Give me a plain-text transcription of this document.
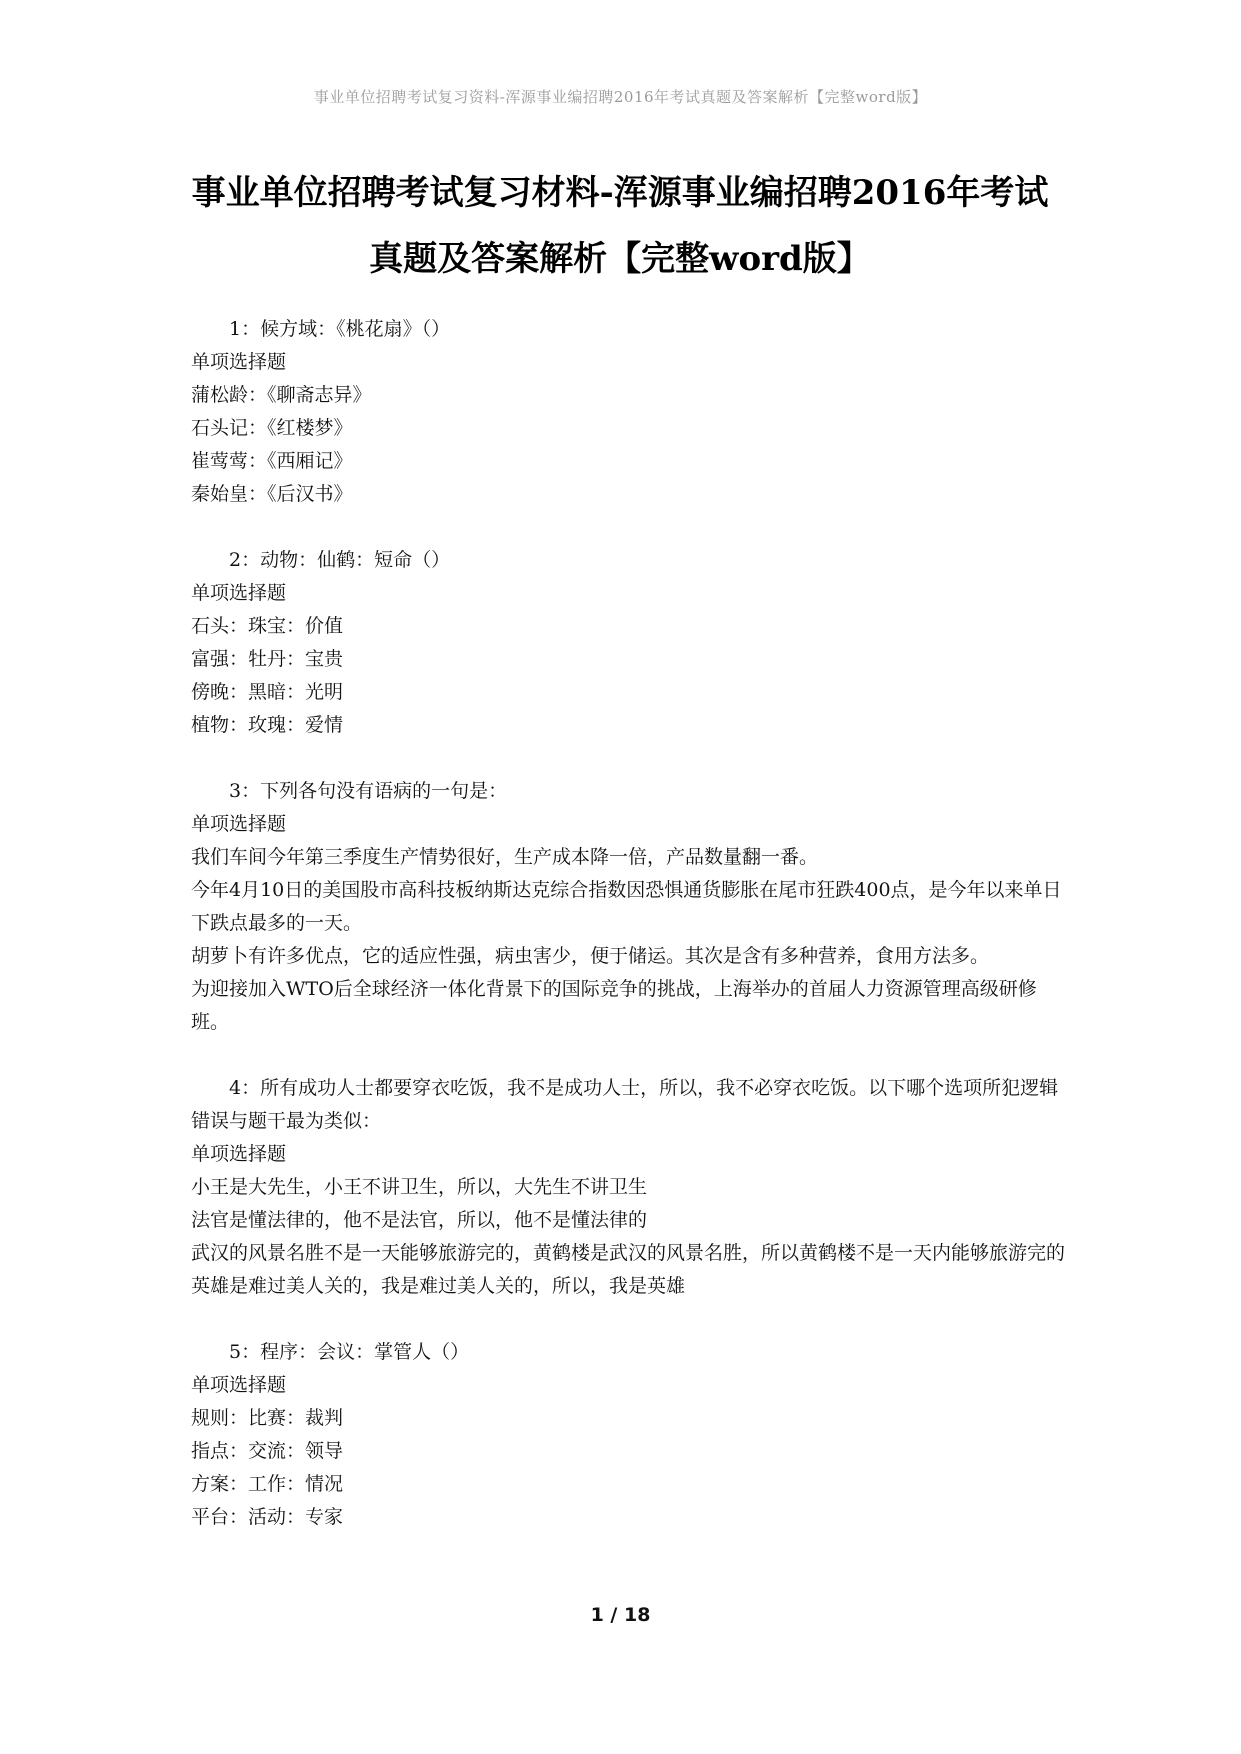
事业单位招聘考试复习资料-浑源事业编招聘2016年考试真题及答案解析【完整word版】
事业单位招聘考试复习材料-浑源事业编招聘2016年考试
真题及答案解析【完整word版】
1：候方域：《桃花扇》（）
单项选择题
蒲松龄：《聊斋志异》
石头记：《红楼梦》
崔莺莺：《西厢记》
秦始皇：《后汉书》
2：动物：仙鹤：短命（）
单项选择题
石头：珠宝：价值
富强：牡丹：宝贵
傍晚：黑暗：光明
植物：玫瑰：爱情
3：下列各句没有语病的一句是：
单项选择题
我们车间今年第三季度生产情势很好，生产成本降一倍，产品数量翻一番。
今年4月10日的美国股市高科技板纳斯达克综合指数因恐惧通货膨胀在尾市狂跌400点，是今年以来单日下跌点最多的一天。
胡萝卜有许多优点，它的适应性强，病虫害少，便于储运。其次是含有多种营养，食用方法多。
为迎接加入WTO后全球经济一体化背景下的国际竞争的挑战，上海举办的首届人力资源管理高级研修班。
4：所有成功人士都要穿衣吃饭，我不是成功人士，所以，我不必穿衣吃饭。以下哪个选项所犯逻辑错误与题干最为类似：
单项选择题
小王是大先生，小王不讲卫生，所以，大先生不讲卫生
法官是懂法律的，他不是法官，所以，他不是懂法律的
武汉的风景名胜不是一天能够旅游完的，黄鹤楼是武汉的风景名胜，所以黄鹤楼不是一天内能够旅游完的
英雄是难过美人关的，我是难过美人关的，所以，我是英雄
5：程序：会议：掌管人（）
单项选择题
规则：比赛：裁判
指点：交流：领导
方案：工作：情况
平台：活动：专家
1 / 18
